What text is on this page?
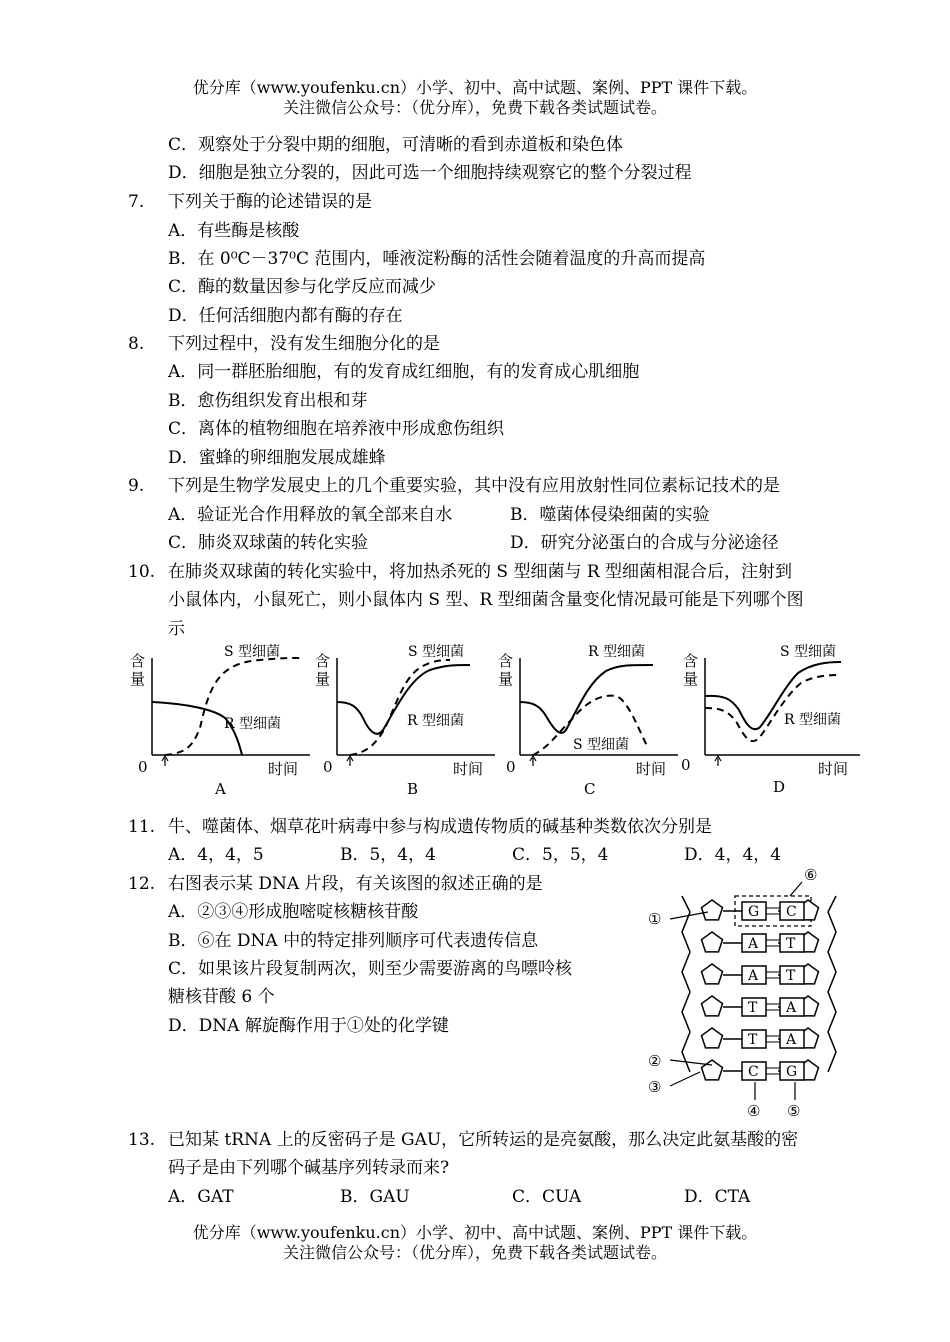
优分库（www.youfenku.cn）小学、初中、高中试题、案例、PPT 课件下载。
关注微信公众号：（优分库），免费下载各类试题试卷。
C．观察处于分裂中期的细胞，可清晰的看到赤道板和染色体
D．细胞是独立分裂的，因此可选一个细胞持续观察它的整个分裂过程
7. 下列关于酶的论述错误的是
A．有些酶是核酸
B．在 0⁰C－37⁰C 范围内，唾液淀粉酶的活性会随着温度的升高而提高
C．酶的数量因参与化学反应而减少
D．任何活细胞内都有酶的存在
8. 下列过程中，没有发生细胞分化的是
A．同一群胚胎细胞，有的发育成红细胞，有的发育成心肌细胞
B．愈伤组织发育出根和芽
C．离体的植物细胞在培养液中形成愈伤组织
D．蜜蜂的卵细胞发展成雄蜂
9. 下列是生物学发展史上的几个重要实验，其中没有应用放射性同位素标记技术的是
A．验证光合作用释放的氧全部来自水	B．噬菌体侵染细菌的实验
C．肺炎双球菌的转化实验	D．研究分泌蛋白的合成与分泌途径
10. 在肺炎双球菌的转化实验中，将加热杀死的 S 型细菌与 R 型细菌相混合后，注射到
小鼠体内，小鼠死亡，则小鼠体内 S 型、R 型细菌含量变化情况最可能是下列哪个图
示
含量
0	时间
A
S 型细菌
R 型细菌
含量
0	时间
B
S 型细菌
R 型细菌
含量
0	时间
C
R 型细菌
S 型细菌
含量
0	时间
D
S 型细菌
R 型细菌
11. 牛、噬菌体、烟草花叶病毒中参与构成遗传物质的碱基种类数依次分别是
A．4，4，5	B．5，4，4	C．5，5，4	D．4，4，4
12. 右图表示某 DNA 片段，有关该图的叙述正确的是
A．②③④形成胞嘧啶核糖核苷酸
B．⑥在 DNA 中的特定排列顺序可代表遗传信息
C．如果该片段复制两次，则至少需要游离的鸟嘌呤核
糖核苷酸 6 个
D．DNA 解旋酶作用于①处的化学键
G C
A T
A T
T A
T A
C G
①
②
③
④ ⑤
⑥
13. 已知某 tRNA 上的反密码子是 GAU，它所转运的是亮氨酸，那么决定此氨基酸的密
码子是由下列哪个碱基序列转录而来?
A．GAT	B．GAU	C．CUA	D．CTA
优分库（www.youfenku.cn）小学、初中、高中试题、案例、PPT 课件下载。
关注微信公众号：（优分库），免费下载各类试题试卷。
